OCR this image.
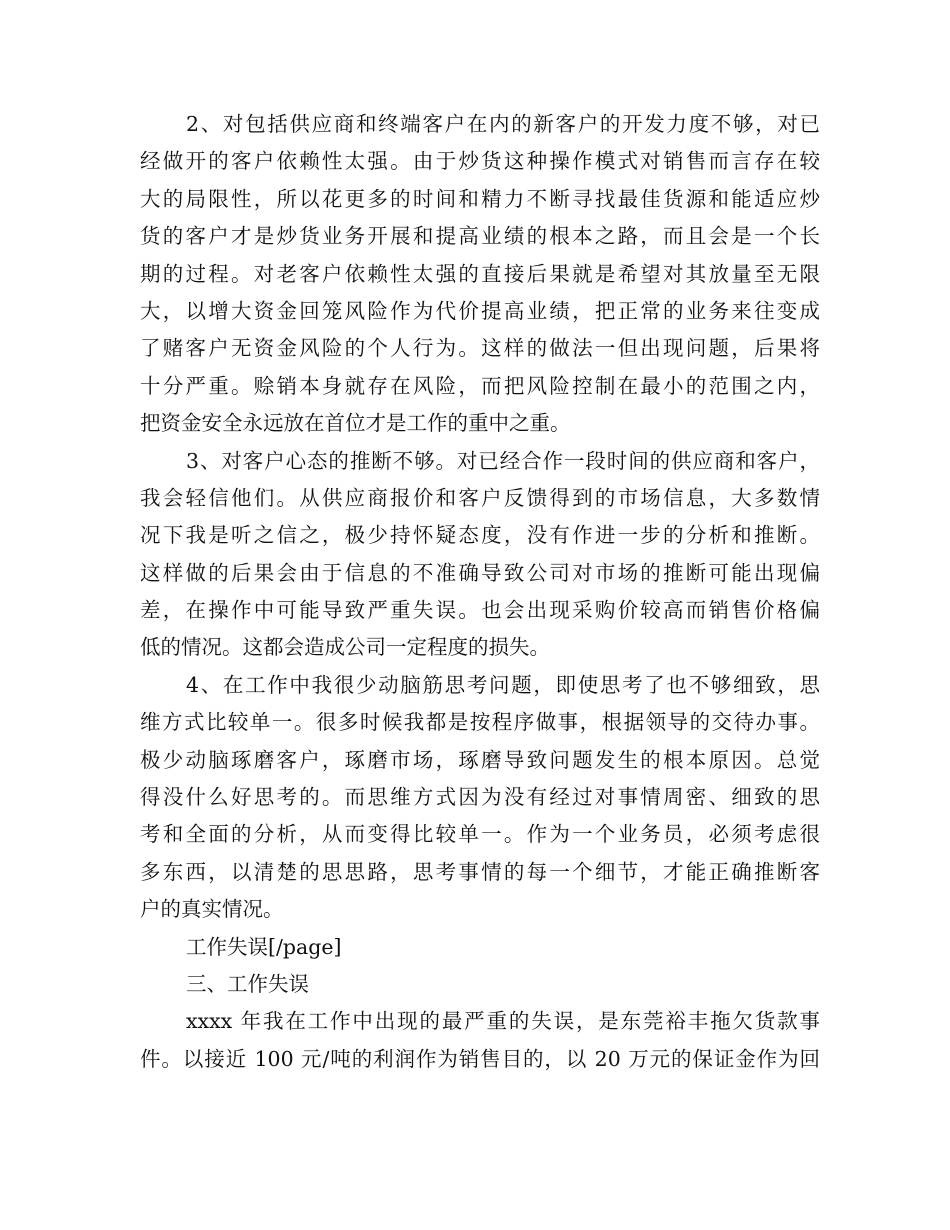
2、对包括供应商和终端客户在内的新客户的开发力度不够，对已
经做开的客户依赖性太强。由于炒货这种操作模式对销售而言存在较
大的局限性，所以花更多的时间和精力不断寻找最佳货源和能适应炒
货的客户才是炒货业务开展和提高业绩的根本之路，而且会是一个长
期的过程。对老客户依赖性太强的直接后果就是希望对其放量至无限
大，以增大资金回笼风险作为代价提高业绩，把正常的业务来往变成
了赌客户无资金风险的个人行为。这样的做法一但出现问题，后果将
十分严重。赊销本身就存在风险，而把风险控制在最小的范围之内，
把资金安全永远放在首位才是工作的重中之重。
3、对客户心态的推断不够。对已经合作一段时间的供应商和客户，
我会轻信他们。从供应商报价和客户反馈得到的市场信息，大多数情
况下我是听之信之，极少持怀疑态度，没有作进一步的分析和推断。
这样做的后果会由于信息的不准确导致公司对市场的推断可能出现偏
差，在操作中可能导致严重失误。也会出现采购价较高而销售价格偏
低的情况。这都会造成公司一定程度的损失。
4、在工作中我很少动脑筋思考问题，即使思考了也不够细致，思
维方式比较单一。很多时候我都是按程序做事，根据领导的交待办事。
极少动脑琢磨客户，琢磨市场，琢磨导致问题发生的根本原因。总觉
得没什么好思考的。而思维方式因为没有经过对事情周密、细致的思
考和全面的分析，从而变得比较单一。作为一个业务员，必须考虑很
多东西，以清楚的思思路，思考事情的每一个细节，才能正确推断客
户的真实情况。
工作失误[/page]
三、工作失误
xxxx 年我在工作中出现的最严重的失误，是东莞裕丰拖欠货款事
件。以接近 100 元/吨的利润作为销售目的，以 20 万元的保证金作为回
